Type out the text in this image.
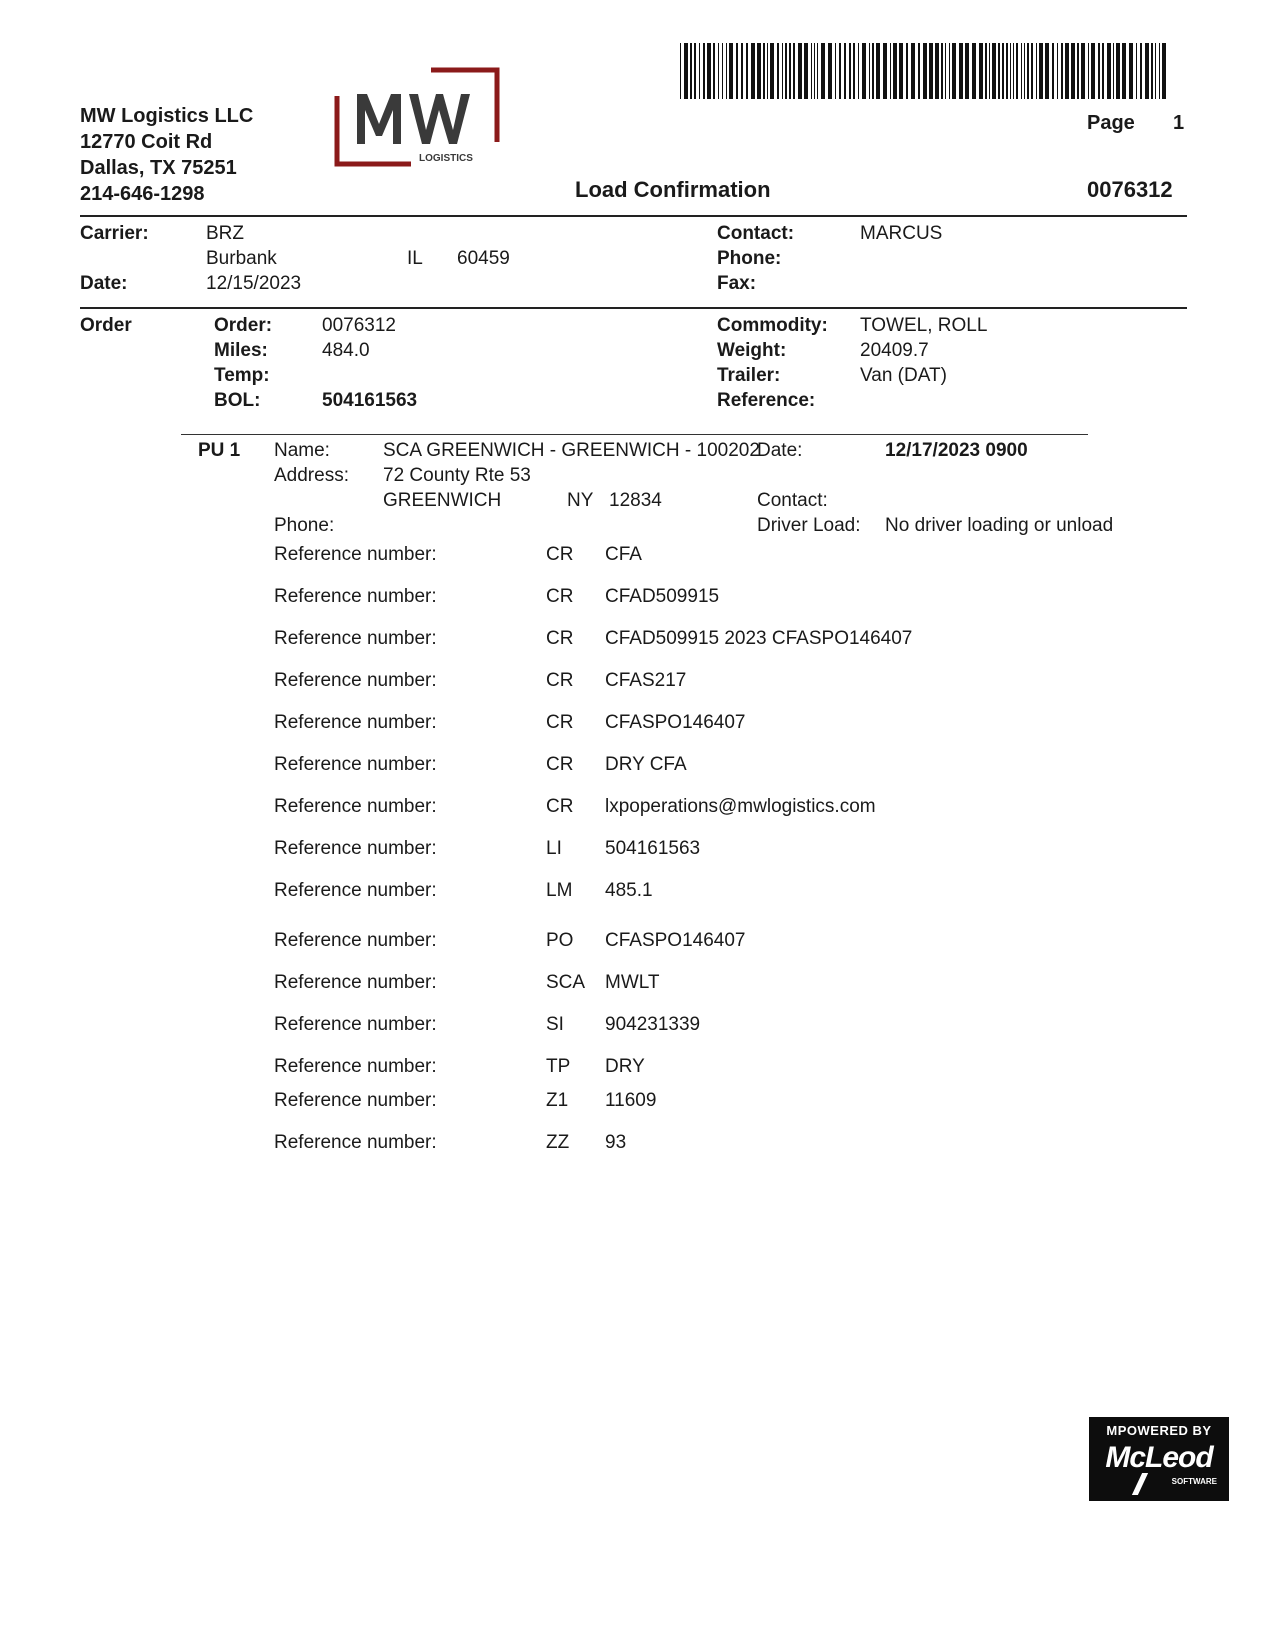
MW Logistics LLC
12770 Coit Rd
Dallas, TX 75251
214-646-1298
LOGISTICS
Page 1
Load Confirmation	0076312
Carrier:	BRZ
Burbank	IL 60459
Date:	12/15/2023
Contact:	MARCUS
Phone:
Fax:
Order	Order:	0076312
Miles:	484.0
Temp:
BOL:	504161563
Commodity: TOWEL, ROLL
Weight:	20409.7
Trailer:	Van (DAT)
Reference:
PU 1 Name:	SCA GREENWICH - GREENWICH - 100202
Date:	12/17/2023 0900
Address: 72 County Rte 53
GREENWICH	NY 12834	Contact:
Phone:	Driver Load: No driver loading or unload
Reference number:	CR CFA
Reference number:	CR CFAD509915
Reference number:	CR CFAD509915 2023 CFASPO146407
Reference number:	CR CFAS217
Reference number:	CR CFASPO146407
Reference number:	CR DRY CFA
Reference number:	CR lxpoperations@mwlogistics.com
Reference number:	LI 504161563
Reference number:	LM 485.1
Reference number:	PO CFASPO146407
Reference number:	SCA MWLT
Reference number:	SI 904231339
Reference number:	TP DRY
Reference number:	Z1 11609
Reference number:	ZZ 93
MPOWERED BY
McLeod
SOFTWARE
